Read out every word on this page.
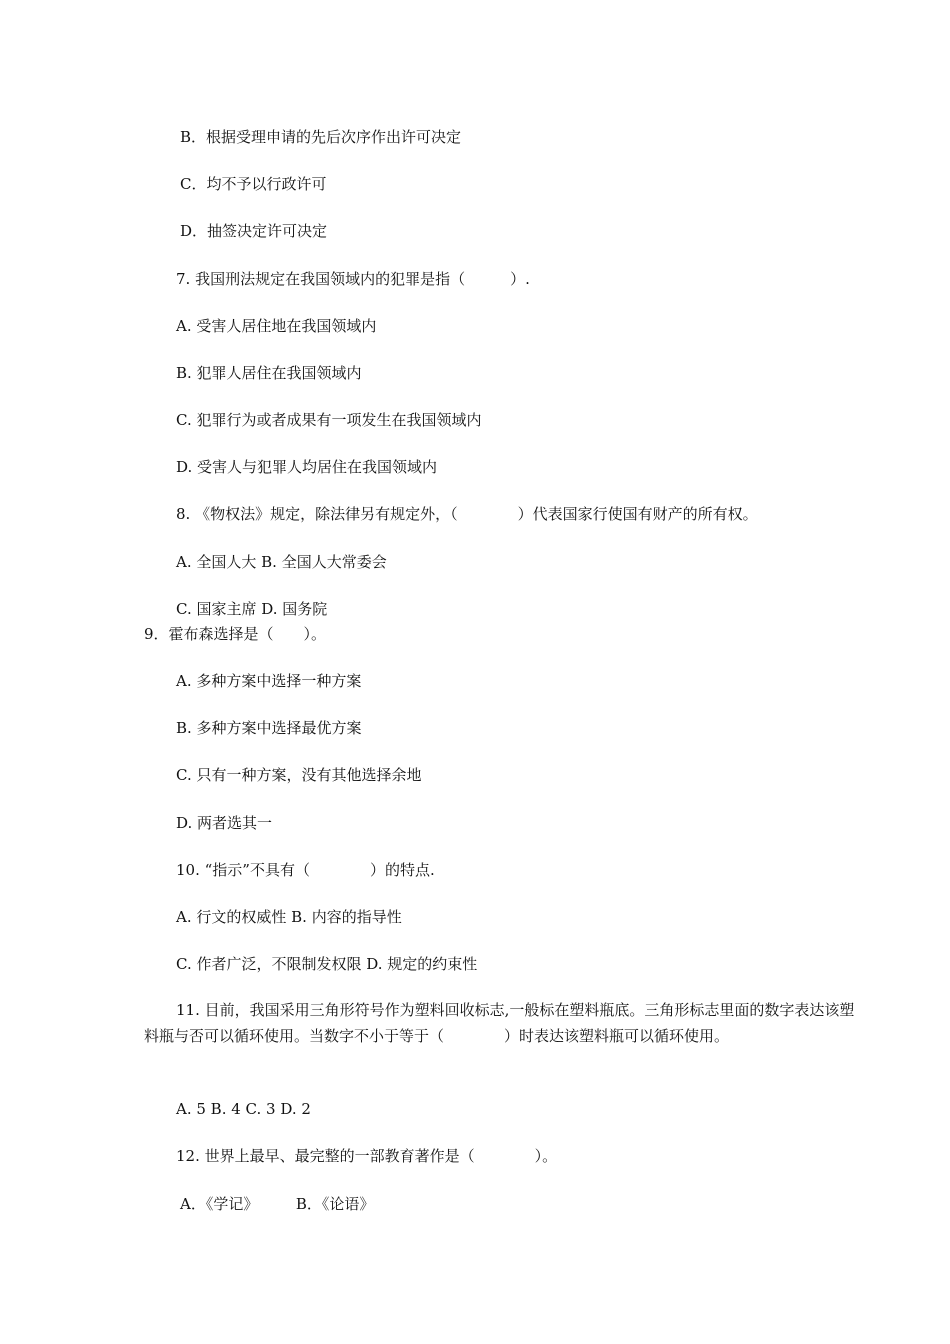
B．根据受理申请的先后次序作出许可决定
C．均不予以行政许可
D．抽签决定许可决定
7. 我国刑法规定在我国领域内的犯罪是指（　　　）.
A. 受害人居住地在我国领域内
B. 犯罪人居住在我国领域内
C. 犯罪行为或者成果有一项发生在我国领域内
D. 受害人与犯罪人均居住在我国领域内
8. 《物权法》规定，除法律另有规定外，（　　　　）代表国家行使国有财产的所有权。
A. 全国人大 B. 全国人大常委会
C. 国家主席 D. 国务院
9．霍布森选择是（　　）。
A. 多种方案中选择一种方案
B. 多种方案中选择最优方案
C. 只有一种方案，没有其他选择余地
D. 两者选其一
10. “指示”不具有（　　　　）的特点.
A. 行文的权威性 B. 内容的指导性
C. 作者广泛，不限制发权限 D. 规定的约束性
11. 目前，我国采用三角形符号作为塑料回收标志,一般标在塑料瓶底。三角形标志里面的数字表达该塑料瓶与否可以循环使用。当数字不小于等于（　　　　）时表达该塑料瓶可以循环使用。
A. 5 B. 4 C. 3 D. 2
12. 世界上最早、最完整的一部教育著作是（　　　　）。
A．《学记》　　　B．《论语》
